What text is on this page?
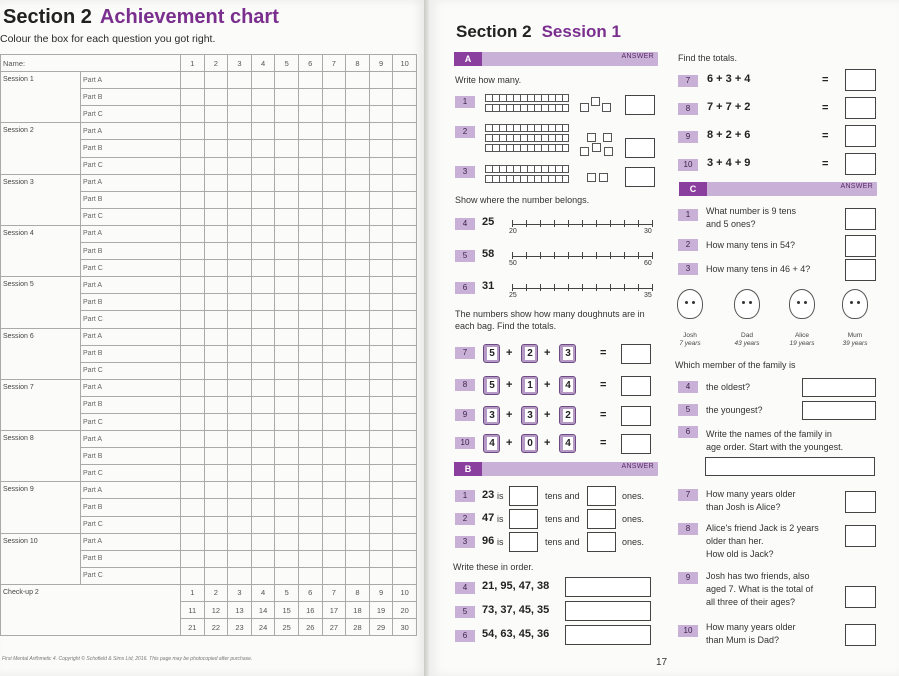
Section 2 Achievement chart
Colour the box for each question you got right.
Name:		1	2	3	4	5	6	7	8	9	10
Session 1	Part A										
	Part B										
	Part C										
Session 2	Part A										
	Part B										
	Part C										
Session 3	Part A										
	Part B										
	Part C										
Session 4	Part A										
	Part B										
	Part C										
Session 5	Part A										
	Part B										
	Part C										
Session 6	Part A										
	Part B										
	Part C										
Session 7	Part A										
	Part B										
	Part C										
Session 8	Part A										
	Part B										
	Part C										
Session 9	Part A										
	Part B										
	Part C										
Session 10	Part A										
	Part B										
	Part C										
Check-up 2		1	2	3	4	5	6	7	8	9	10
		11	12	13	14	15	16	17	18	19	20
		21	22	23	24	25	26	27	28	29	30
First Mental Arithmetic 4. Copyright © Schofield & Sims Ltd, 2016. This page may be photocopied after purchase.
Section 2 Session 1
A	ANSWER
Write how many.
1
2
3
Show where the number belongs.
4	25
20	30
5	58
50	60
6	31
25	35
The numbers show how many doughnuts are in each bag. Find the totals.
7	5 + 2 + 3	=
8	5 + 1 + 4	=
9	3 + 3 + 2	=
10	4 + 0 + 4	=
B	ANSWER
1	23 is	tens and	ones.
2	47 is	tens and	ones.
3	96 is	tens and	ones.
Write these in order.
4	21, 95, 47, 38
5	73, 37, 45, 35
6	54, 63, 45, 36
Find the totals.
7	6 + 3 + 4	=
8	7 + 7 + 2	=
9	8 + 2 + 6	=
10	3 + 4 + 9	=
C	ANSWER
1	What number is 9 tens
and 5 ones?
2	How many tens in 54?
3	How many tens in 46 + 4?
Josh
7 years
Dad
43 years
Alice
19 years
Mum
39 years
Which member of the family is
4	the oldest?
5	the youngest?
6	Write the names of the family in
age order. Start with the youngest.
7	How many years older
than Josh is Alice?
8	Alice's friend Jack is 2 years
older than her.
How old is Jack?
9	Josh has two friends, also
aged 7. What is the total of
all three of their ages?
10	How many years older
than Mum is Dad?
17
